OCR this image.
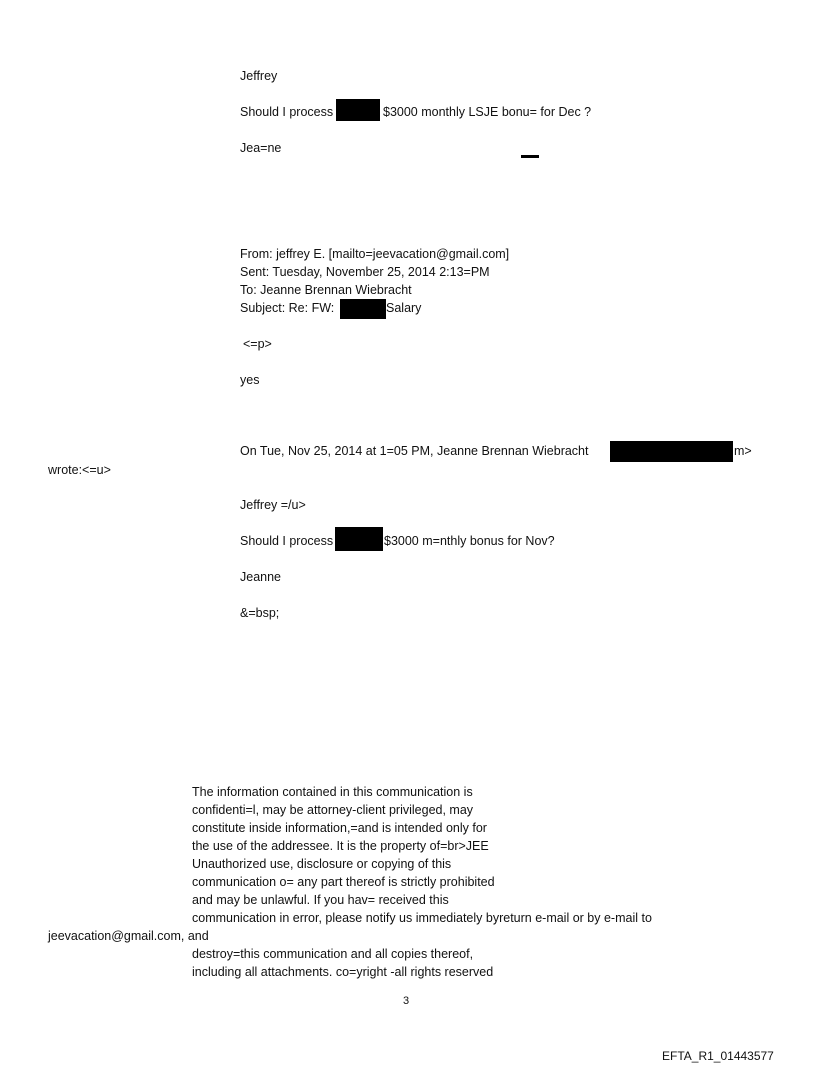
Jeffrey
Should I process	$3000 monthly LSJE bonu= for Dec ?
Jea=ne
From: jeffrey E. [mailto=jeevacation@gmail.com]
Sent: Tuesday, November 25, 2014 2:13=PM
To: Jeanne Brennan Wiebracht
Subject: Re: FW:	Salary
<=p>
yes
On Tue, Nov 25, 2014 at 1=05 PM, Jeanne Brennan Wiebracht	m>
wrote:<=u>
Jeffrey =/u>
Should I process	$3000 m=nthly bonus for Nov?
Jeanne
&=bsp;
The information contained in this communication is
confidenti=l, may be attorney-client privileged, may
constitute inside information,=and is intended only for
the use of the addressee. It is the property of=br>JEE
Unauthorized use, disclosure or copying of this
communication o= any part thereof is strictly prohibited
and may be unlawful. If you hav= received this
communication in error, please notify us immediately byreturn e-mail or by e-mail to
jeevacation@gmail.com, and
destroy=this communication and all copies thereof,
including all attachments. co=yright -all rights reserved
3
EFTA_R1_01443577
